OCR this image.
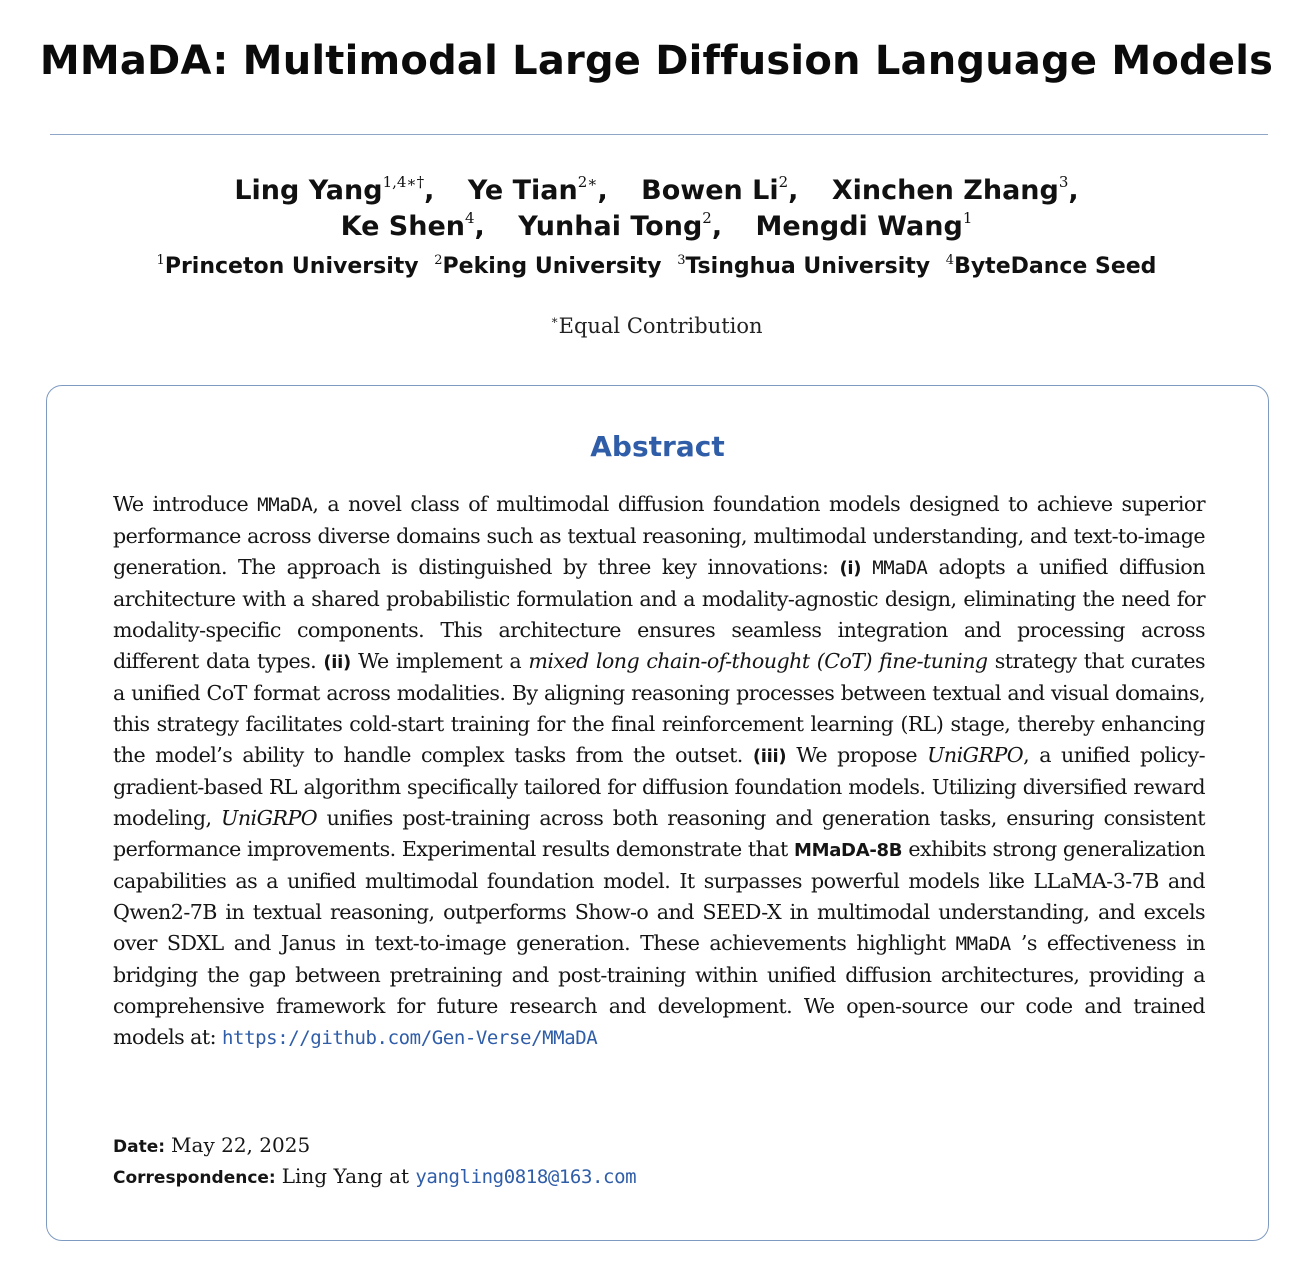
MMaDA: Multimodal Large Diffusion Language Models
Ling Yang$^{1,4∗\dagger}$, Ye Tian$^{2∗}$, Bowen Li$^2$, Xinchen Zhang$^3$,
Ke Shen$^4$, Yunhai Tong$^2$, Mengdi Wang$^1$
$^1$Princeton University $^2$Peking University $^3$Tsinghua University $^4$ByteDance Seed
∗Equal Contribution
Abstract

We introduce MMaDA, a novel class of multimodal diffusion foundation models designed to achieve superior performance across diverse domains such as textual reasoning, multimodal understanding, and text-to-image generation. The approach is distinguished by three key innovations: (i) MMaDA adopts a unified diffusion architecture with a shared probabilistic formulation and a modality-agnostic design, eliminating the need for modality-specific components. This architecture ensures seamless integration and processing across different data types. (ii) We implement a mixed long chain-of-thought (CoT) fine-tuning strategy that curates a unified CoT format across modalities. By aligning reasoning processes between textual and visual domains, this strategy facilitates cold-start training for the final reinforcement learning (RL) stage, thereby enhancing the model’s ability to handle complex tasks from the outset. (iii) We propose UniGRPO, a unified policy-gradient-based RL algorithm specifically tailored for diffusion foundation models. Utilizing diversified reward modeling, UniGRPO unifies post-training across both reasoning and generation tasks, ensuring consistent performance improvements. Experimental results demonstrate that MMaDA-8B exhibits strong generalization capabilities as a unified multimodal foundation model. It surpasses powerful models like LLaMA-3-7B and Qwen2-7B in textual reasoning, outperforms Show-o and SEED-X in multimodal understanding, and excels over SDXL and Janus in text-to-image generation. These achievements highlight MMaDA ’s effectiveness in bridging the gap between pretraining and post-training within unified diffusion architectures, providing a comprehensive framework for future research and development. We open-source our code and trained models at: https://github.com/Gen-Verse/MMaDA

Date: May 22, 2025
Correspondence: Ling Yang at yangling0818@163.com
